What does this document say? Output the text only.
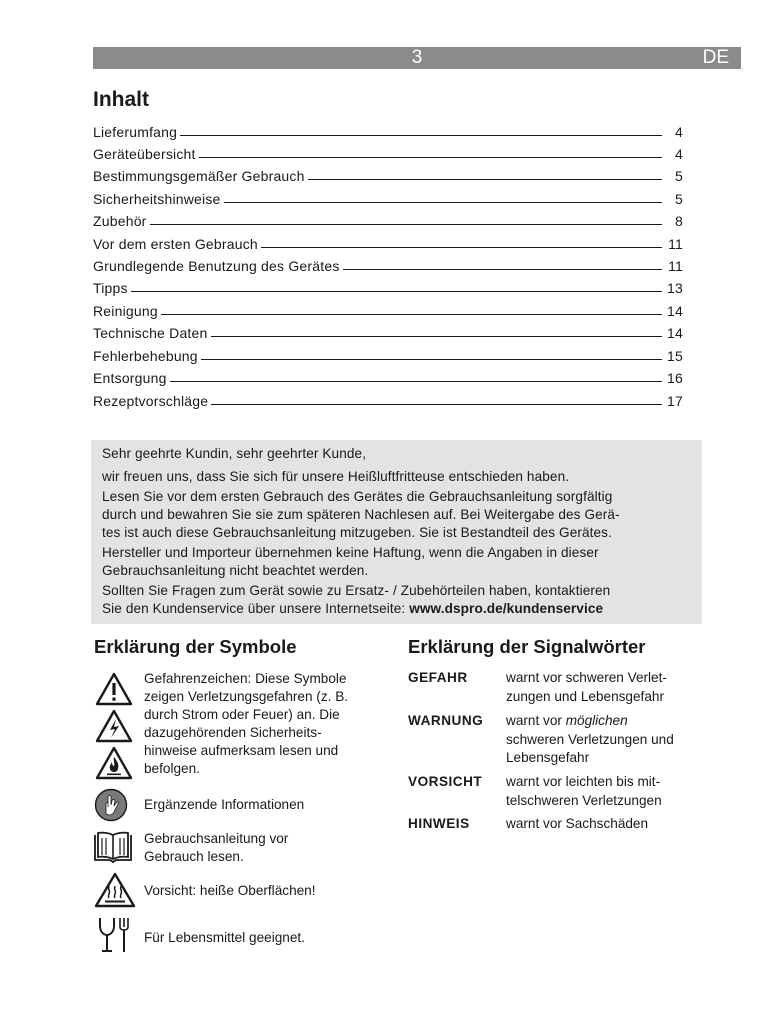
3	DE
Inhalt
Lieferumfang	4
Geräteübersicht	4
Bestimmungsgemäßer Gebrauch	5
Sicherheitshinweise	5
Zubehör	8
Vor dem ersten Gebrauch	11
Grundlegende Benutzung des Gerätes	11
Tipps	13
Reinigung	14
Technische Daten	14
Fehlerbehebung	15
Entsorgung	16
Rezeptvorschläge	17
Sehr geehrte Kundin, sehr geehrter Kunde,
wir freuen uns, dass Sie sich für unsere Heißluftfritteuse entschieden haben.
Lesen Sie vor dem ersten Gebrauch des Gerätes die Gebrauchsanleitung sorgfältig
durch und bewahren Sie sie zum späteren Nachlesen auf. Bei Weitergabe des Gerä-
tes ist auch diese Gebrauchsanleitung mitzugeben. Sie ist Bestandteil des Gerätes.
Hersteller und Importeur übernehmen keine Haftung, wenn die Angaben in dieser
Gebrauchsanleitung nicht beachtet werden.
Sollten Sie Fragen zum Gerät sowie zu Ersatz- / Zubehörteilen haben, kontaktieren
Sie den Kundenservice über unsere Internetseite: www.dspro.de/kundenservice
Erklärung der Symbole
Gefahrenzeichen: Diese Symbole
zeigen Verletzungsgefahren (z. B.
durch Strom oder Feuer) an. Die
dazugehörenden Sicherheits-
hinweise aufmerksam lesen und
befolgen.
Ergänzende Informationen
Gebrauchsanleitung vor
Gebrauch lesen.
Vorsicht: heiße Oberflächen!
Für Lebensmittel geeignet.
Erklärung der Signalwörter
GEFAHR	warnt vor schweren Verlet-
zungen und Lebensgefahr
WARNUNG warnt vor möglichen
schweren Verletzungen und
Lebensgefahr
VORSICHT warnt vor leichten bis mit-
telschweren Verletzungen
HINWEIS	warnt vor Sachschäden
